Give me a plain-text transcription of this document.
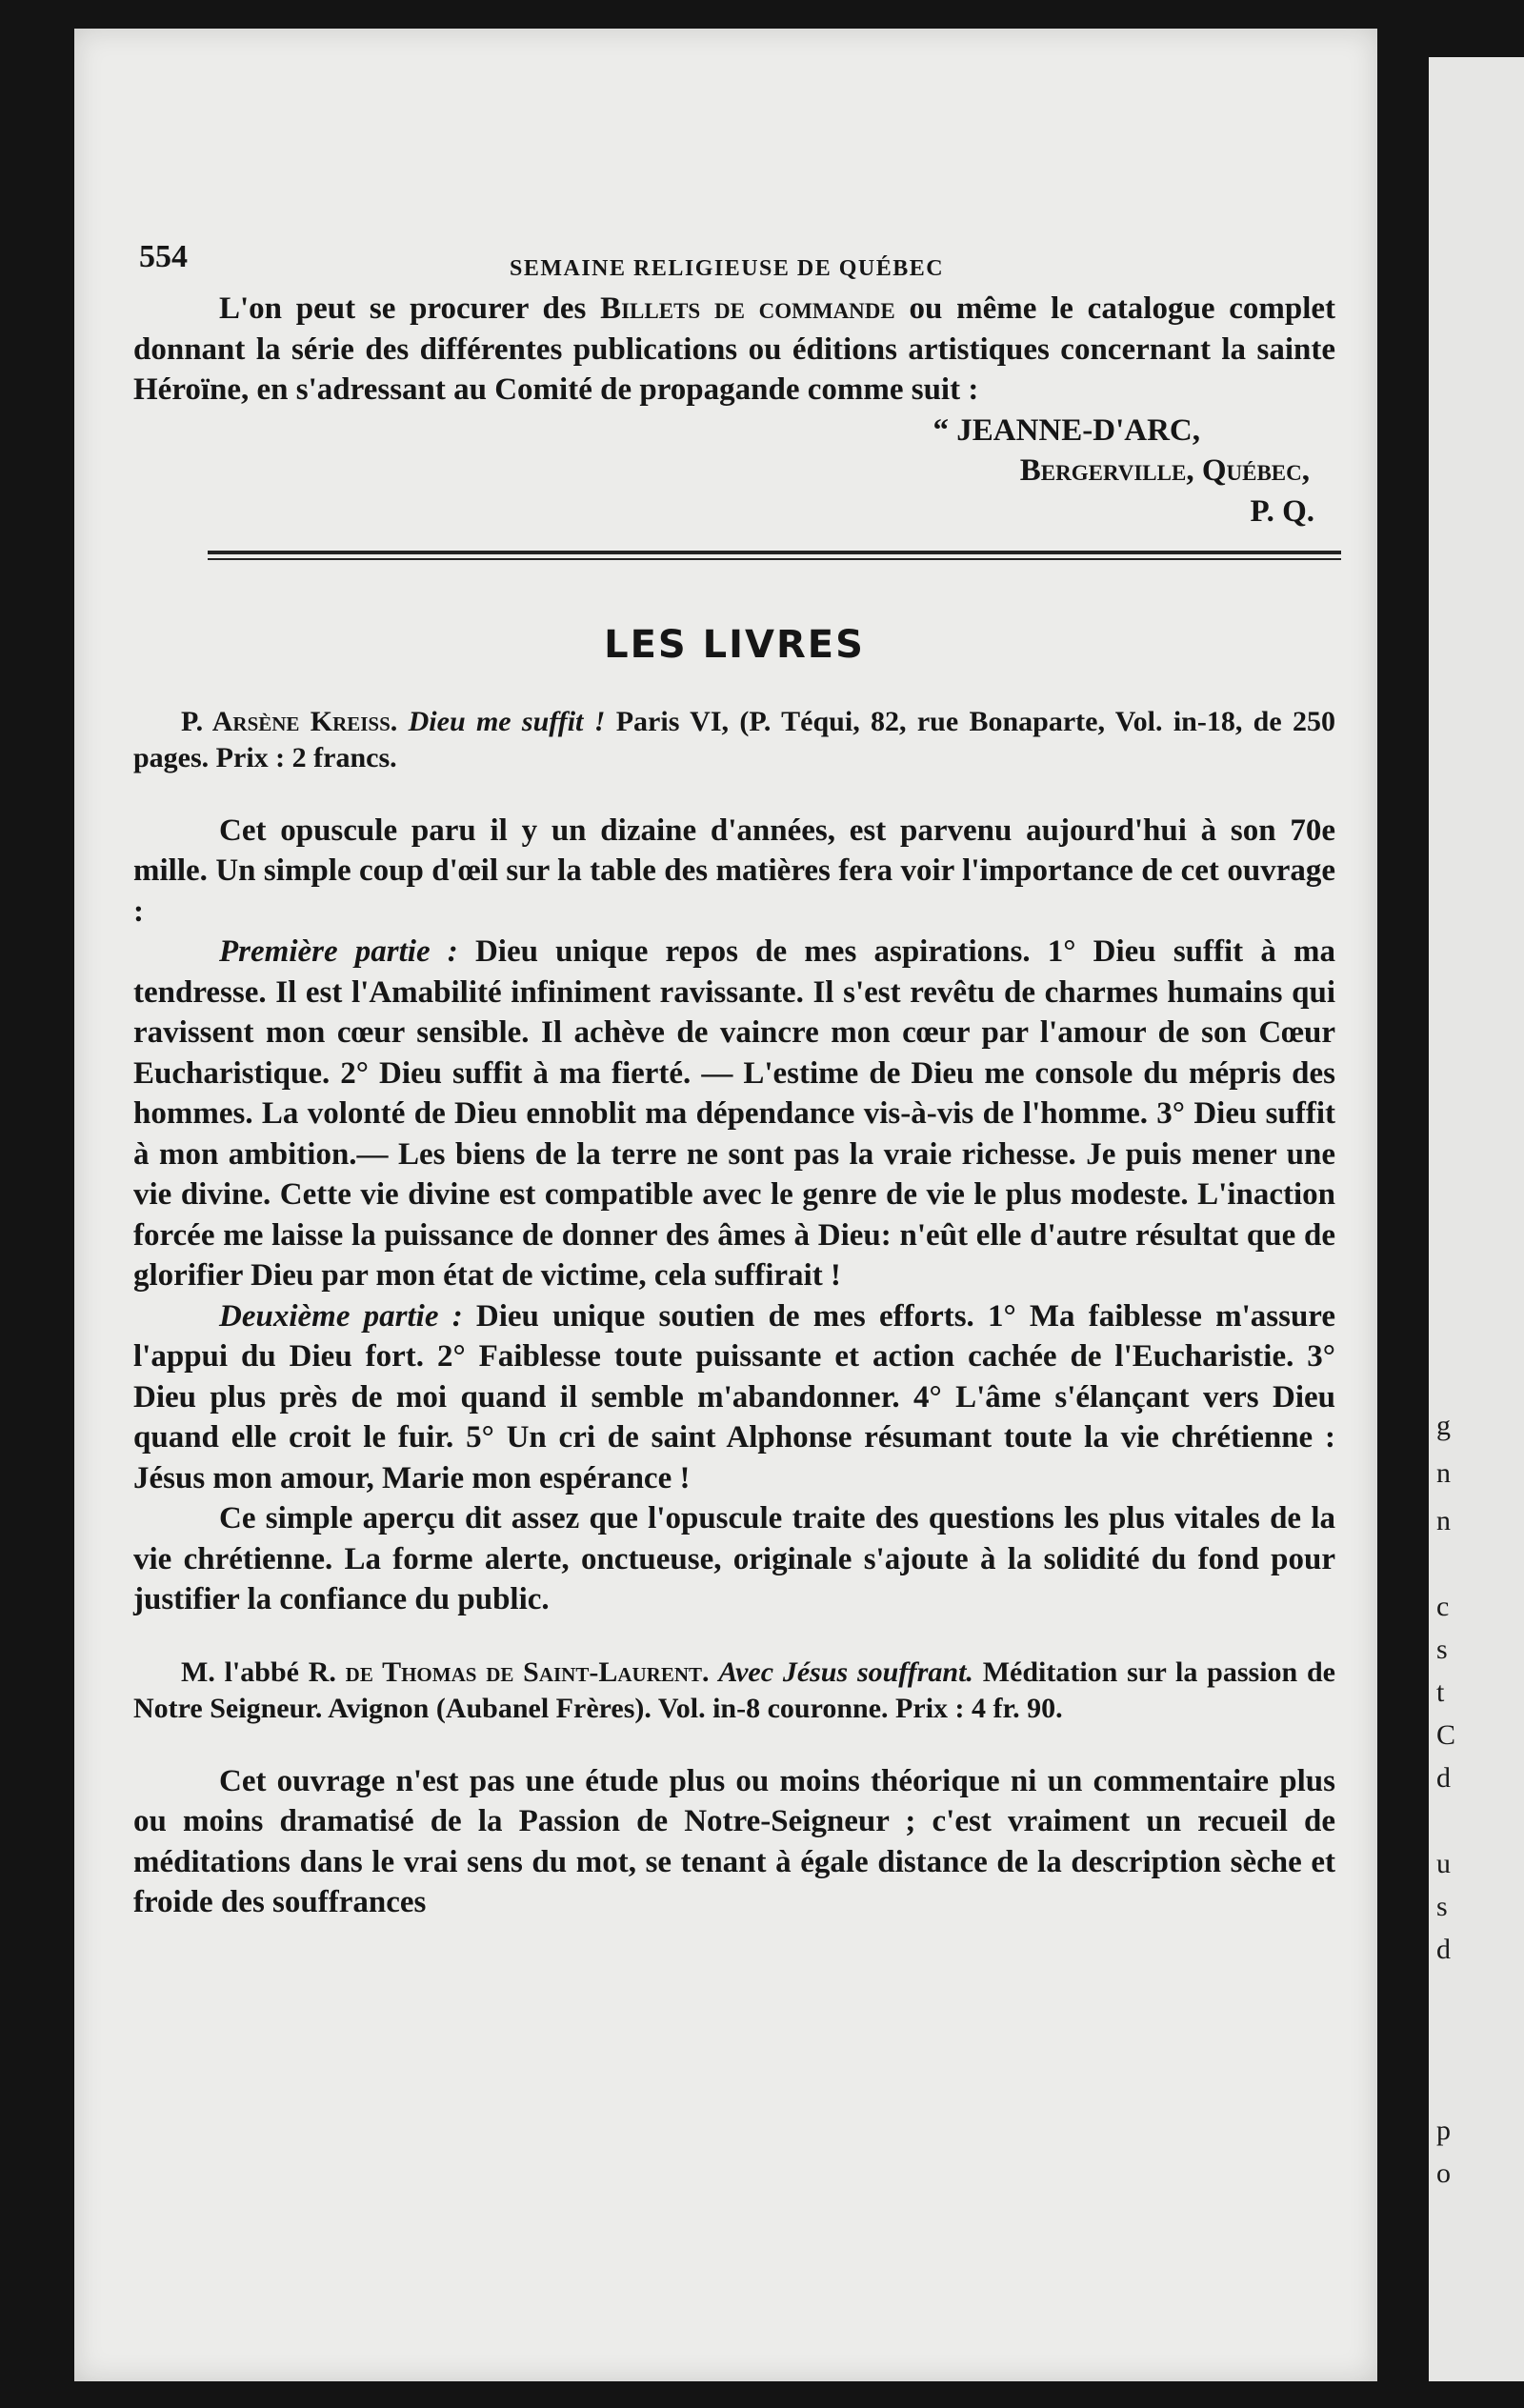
g
n
n
c
s
t
C
d
u
s
d
p
o
554	SEMAINE RELIGIEUSE DE QUÉBEC

L'on peut se procurer des Billets de commande ou même le catalogue complet donnant la série des différentes publications ou éditions artistiques concernant la sainte Héroïne, en s'adressant au Comité de propagande comme suit :

“ JEANNE-D'ARC,
Bergerville, Québec,
P. Q.
LES LIVRES

P. Arsène Kreiss. Dieu me suffit ! Paris VI, (P. Téqui, 82, rue Bonaparte, Vol. in-18, de 250 pages. Prix : 2 francs.

Cet opuscule paru il y un dizaine d'années, est parvenu aujourd'hui à son 70e mille. Un simple coup d'œil sur la table des matières fera voir l'importance de cet ouvrage :

Première partie : Dieu unique repos de mes aspirations. 1° Dieu suffit à ma tendresse. Il est l'Amabilité infiniment ravissante. Il s'est revêtu de charmes humains qui ravissent mon cœur sensible. Il achève de vaincre mon cœur par l'amour de son Cœur Eucharistique. 2° Dieu suffit à ma fierté. — L'estime de Dieu me console du mépris des hommes. La volonté de Dieu ennoblit ma dépendance vis-à-vis de l'homme. 3° Dieu suffit à mon ambition.— Les biens de la terre ne sont pas la vraie richesse. Je puis mener une vie divine. Cette vie divine est compatible avec le genre de vie le plus modeste. L'inaction forcée me laisse la puissance de donner des âmes à Dieu: n'eût elle d'autre résultat que de glorifier Dieu par mon état de victime, cela suffirait !

Deuxième partie : Dieu unique soutien de mes efforts. 1° Ma faiblesse m'assure l'appui du Dieu fort. 2° Faiblesse toute puissante et action cachée de l'Eucharistie. 3° Dieu plus près de moi quand il semble m'abandonner. 4° L'âme s'élançant vers Dieu quand elle croit le fuir. 5° Un cri de saint Alphonse résumant toute la vie chrétienne : Jésus mon amour, Marie mon espérance !

Ce simple aperçu dit assez que l'opuscule traite des questions les plus vitales de la vie chrétienne. La forme alerte, onctueuse, originale s'ajoute à la solidité du fond pour justifier la confiance du public.

M. l'abbé R. de Thomas de Saint-Laurent. Avec Jésus souffrant. Méditation sur la passion de Notre Seigneur. Avignon (Aubanel Frères). Vol. in-8 couronne. Prix : 4 fr. 90.

Cet ouvrage n'est pas une étude plus ou moins théorique ni un commentaire plus ou moins dramatisé de la Passion de Notre-Seigneur ; c'est vraiment un recueil de méditations dans le vrai sens du mot, se tenant à égale distance de la description sèche et froide des souffrances
